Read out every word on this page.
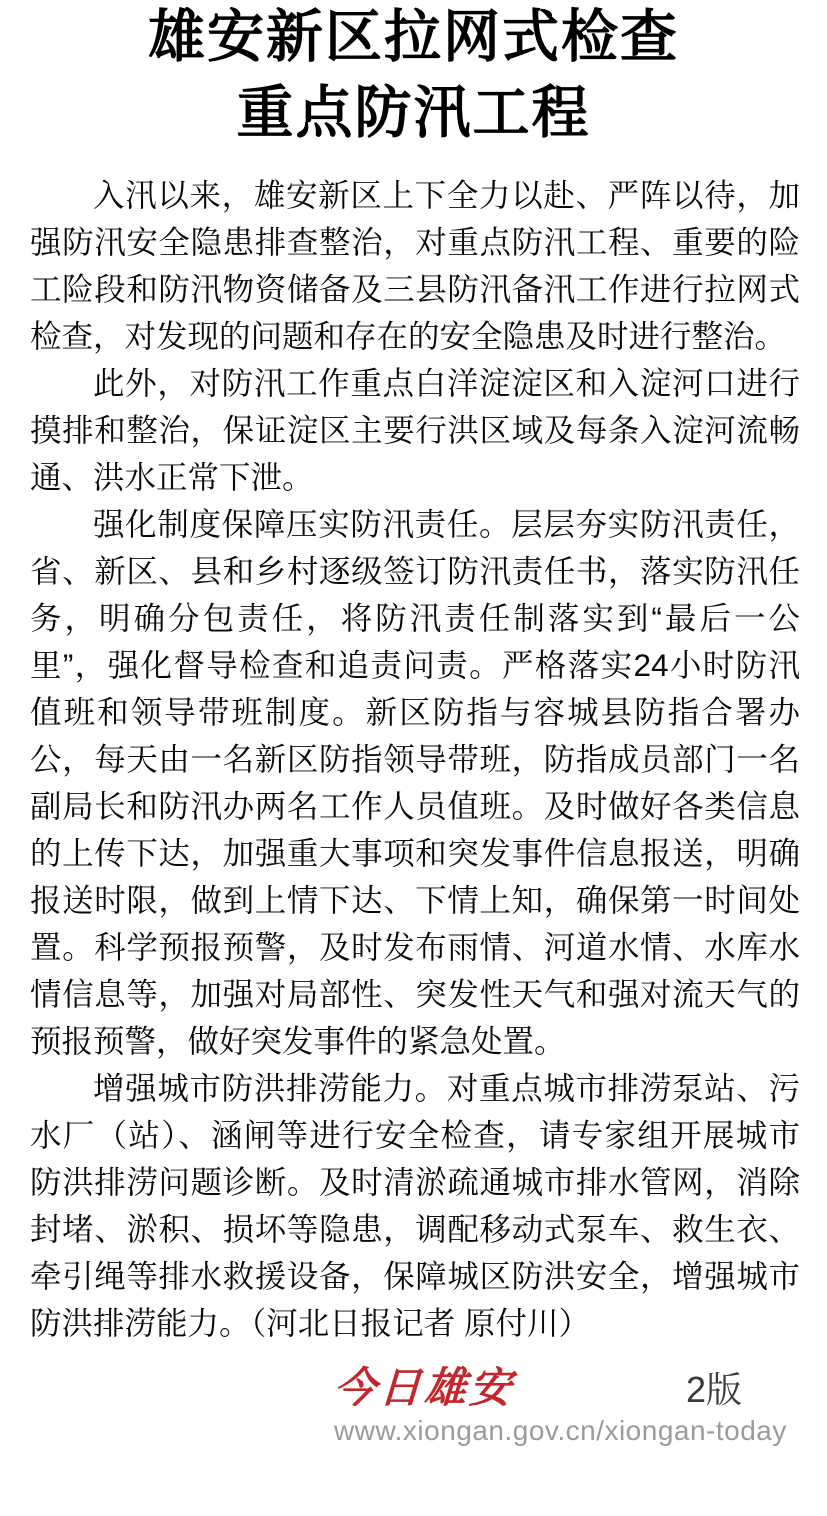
雄安新区拉网式检查
重点防汛工程

入汛以来，雄安新区上下全力以赴、严阵以待，加强防汛安全隐患排查整治，对重点防汛工程、重要的险工险段和防汛物资储备及三县防汛备汛工作进行拉网式检查，对发现的问题和存在的安全隐患及时进行整治。

此外，对防汛工作重点白洋淀淀区和入淀河口进行摸排和整治，保证淀区主要行洪区域及每条入淀河流畅通、洪水正常下泄。

强化制度保障压实防汛责任。层层夯实防汛责任，省、新区、县和乡村逐级签订防汛责任书，落实防汛任务，明确分包责任，将防汛责任制落实到“最后一公里”，强化督导检查和追责问责。严格落实24小时防汛值班和领导带班制度。新区防指与容城县防指合署办公，每天由一名新区防指领导带班，防指成员部门一名副局长和防汛办两名工作人员值班。及时做好各类信息的上传下达，加强重大事项和突发事件信息报送，明确报送时限，做到上情下达、下情上知，确保第一时间处置。科学预报预警，及时发布雨情、河道水情、水库水情信息等，加强对局部性、突发性天气和强对流天气的预报预警，做好突发事件的紧急处置。

增强城市防洪排涝能力。对重点城市排涝泵站、污水厂（站）、涵闸等进行安全检查，请专家组开展城市防洪排涝问题诊断。及时清淤疏通城市排水管网，消除封堵、淤积、损坏等隐患，调配移动式泵车、救生衣、牵引绳等排水救援设备，保障城区防洪安全，增强城市防洪排涝能力。（河北日报记者 原付川）

今日雄安	2版
www.xiongan.gov.cn/xiongan-today
